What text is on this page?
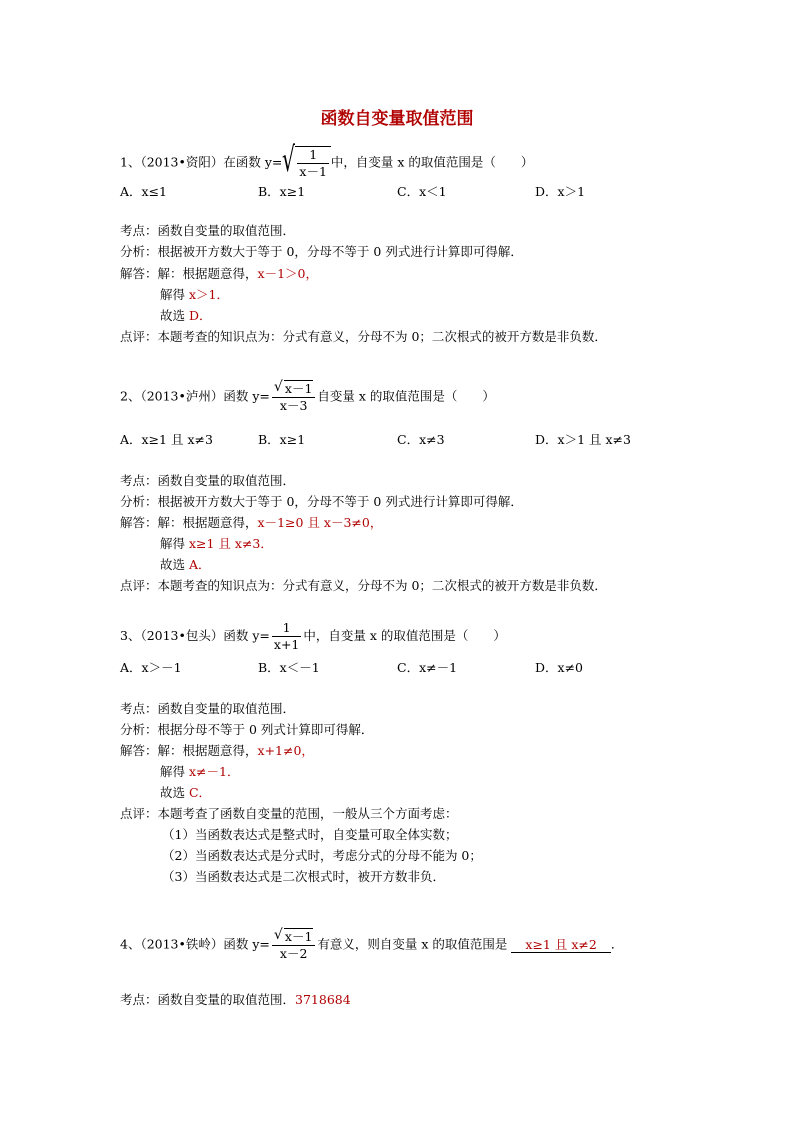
函数自变量取值范围
1、（2013•资阳）在函数 y= √ $\frac{1}{x-1}$ 中，自变量 x 的取值范围是（　　）
A．x≤1	B．x≥1	C．x＜1	D．x＞1
考点：函数自变量的取值范围．
分析：根据被开方数大于等于 0，分母不等于 0 列式进行计算即可得解．
解答：解：根据题意得，x－1＞0，
解得 x＞1．
故选 D．
点评：本题考查的知识点为：分式有意义，分母不为 0；二次根式的被开方数是非负数．
2、（2013•泸州）函数 $y= \frac{√ x-1}{x-3}$ 自变量 x 的取值范围是（　　）
A．x≥1 且 x≠3	B．x≥1	C．x≠3	D．x＞1 且 x≠3
考点：函数自变量的取值范围．
分析：根据被开方数大于等于 0，分母不等于 0 列式进行计算即可得解．
解答：解：根据题意得，x－1≥0 且 x－3≠0，
解得 x≥1 且 x≠3．
故选 A．
点评：本题考查的知识点为：分式有意义，分母不为 0；二次根式的被开方数是非负数．
3、（2013•包头）函数 $y= \frac{1}{x+1}$ 中，自变量 x 的取值范围是（　　）
A．x＞－1	B．x＜－1	C．x≠－1	D．x≠0
考点：函数自变量的取值范围．
分析：根据分母不等于 0 列式计算即可得解．
解答：解：根据题意得，x+1≠0，
解得 x≠－1．
故选 C．
点评：本题考查了函数自变量的范围，一般从三个方面考虑：
（1）当函数表达式是整式时，自变量可取全体实数；
（2）当函数表达式是分式时，考虑分式的分母不能为 0；
（3）当函数表达式是二次根式时，被开方数非负．
4、（2013•铁岭）函数 $y= \frac{√ x-1}{x-2}$ 有意义，则自变量 x 的取值范围是 x≥1 且 x≠2 ．
考点：函数自变量的取值范围．3718684
